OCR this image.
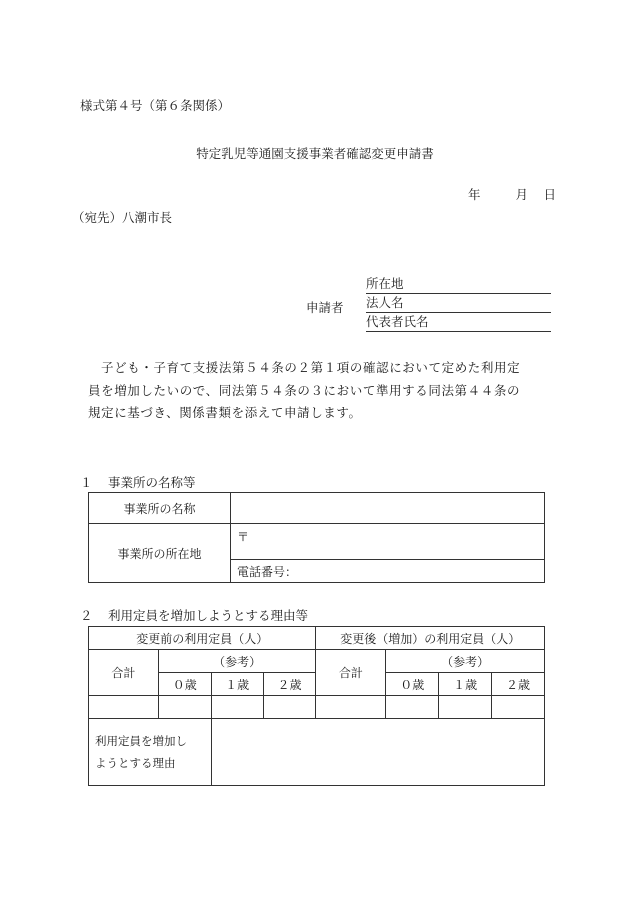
様式第４号（第６条関係）
特定乳児等通園支援事業者確認変更申請書
年	月 日
（宛先）八潮市長
申請者
所在地
法人名
代表者氏名
子ども・子育て支援法第５４条の２第１項の確認において定めた利用定
員を増加したいので、同法第５４条の３において準用する同法第４４条の
規定に基づき、関係書類を添えて申請します。
１ 事業所の名称等
事業所の名称	
事業所の所在地	〒
	電話番号：
２ 利用定員を増加しようとする理由等
変更前の利用定員（人）				変更後（増加）の利用定員（人）			
合計	（参考）			合計	（参考）		
	０歳	１歳	２歳		０歳	１歳	２歳

利用定員を増加し
ようとする理由							
